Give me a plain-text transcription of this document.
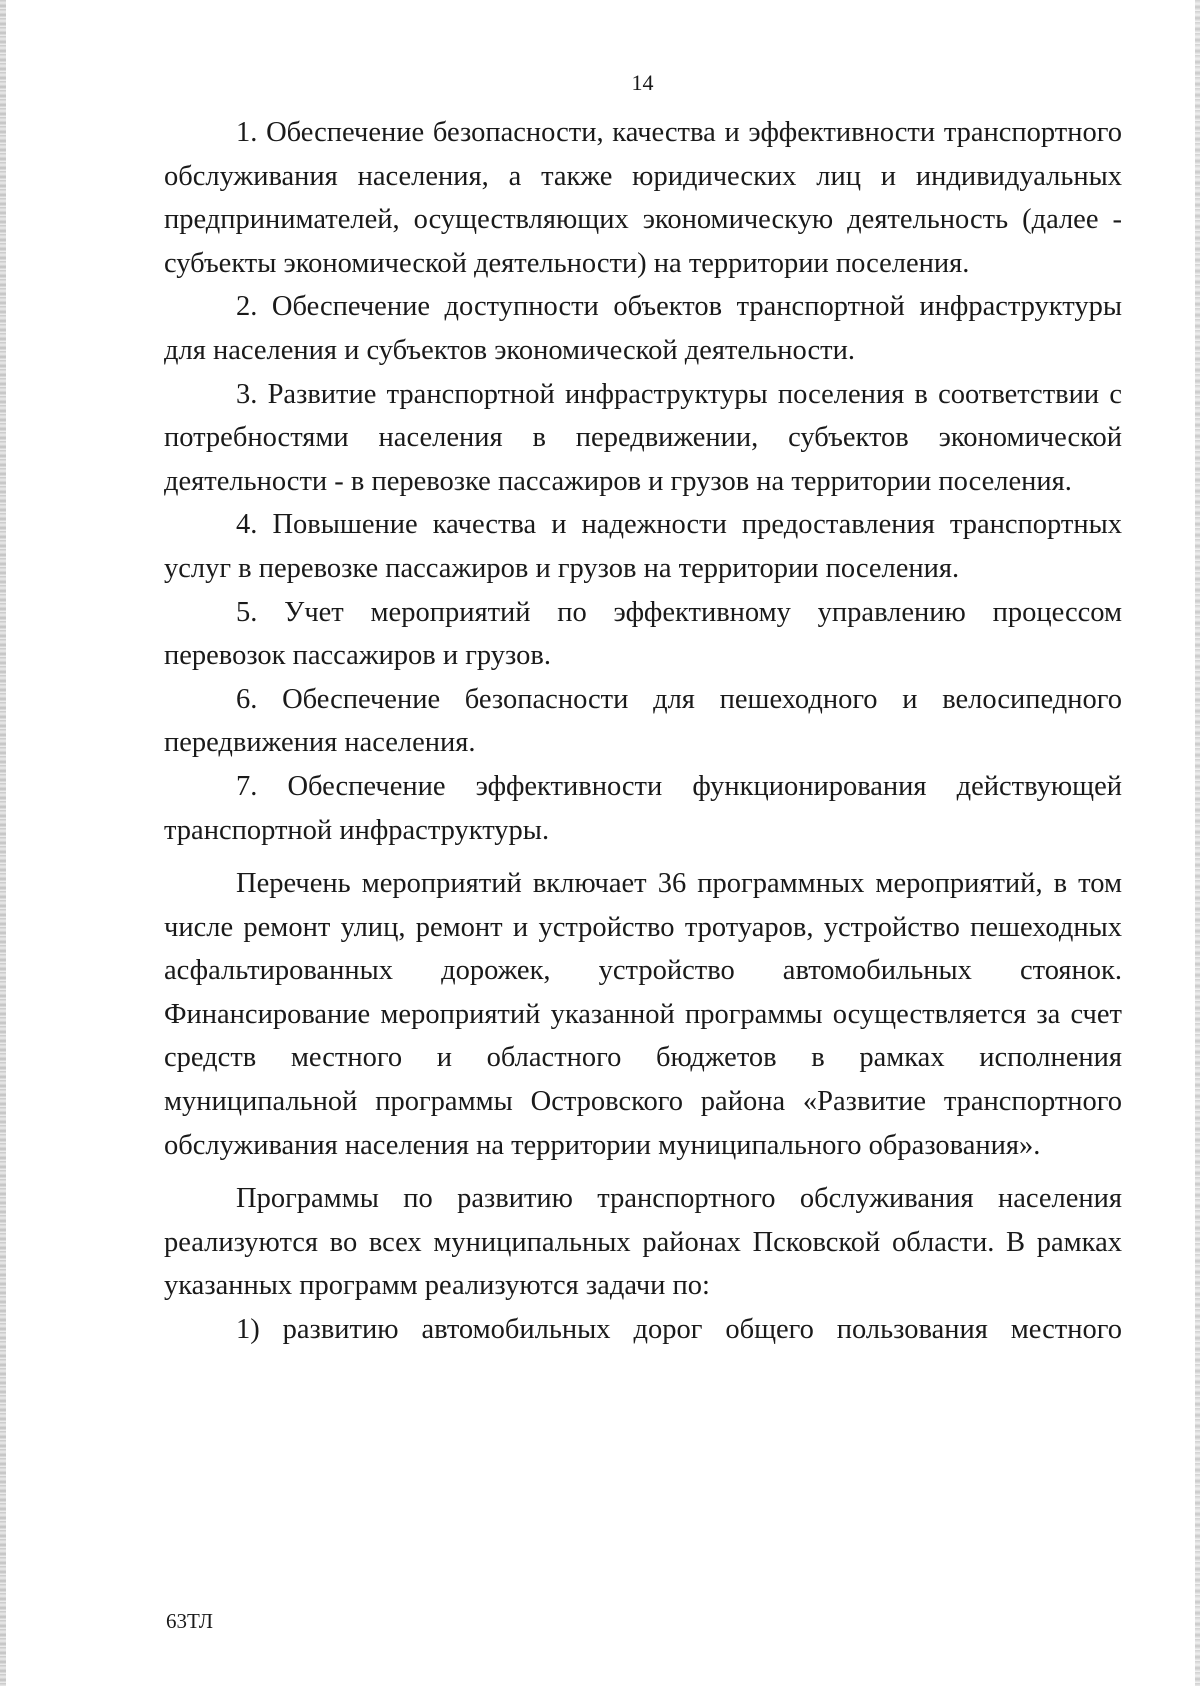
14

1. Обеспечение безопасности, качества и эффективности транспортного обслуживания населения, а также юридических лиц и индивидуальных предпринимателей, осуществляющих экономическую деятельность (далее - субъекты экономической деятельности) на территории поселения.

2. Обеспечение доступности объектов транспортной инфраструктуры для населения и субъектов экономической деятельности.

3. Развитие транспортной инфраструктуры поселения в соответствии с потребностями населения в передвижении, субъектов экономической деятельности - в перевозке пассажиров и грузов на территории поселения.

4. Повышение качества и надежности предоставления транспортных услуг в перевозке пассажиров и грузов на территории поселения.

5. Учет мероприятий по эффективному управлению процессом перевозок пассажиров и грузов.

6. Обеспечение безопасности для пешеходного и велосипедного передвижения населения.

7. Обеспечение эффективности функционирования действующей транспортной инфраструктуры.

Перечень мероприятий включает 36 программных мероприятий, в том числе ремонт улиц, ремонт и устройство тротуаров, устройство пешеходных асфальтированных дорожек, устройство автомобильных стоянок. Финансирование мероприятий указанной программы осуществляется за счет средств местного и областного бюджетов в рамках исполнения муниципальной программы Островского района «Развитие транспортного обслуживания населения на территории муниципального образования».

Программы по развитию транспортного обслуживания населения реализуются во всех муниципальных районах Псковской области. В рамках указанных программ реализуются задачи по:

1) развитию автомобильных дорог общего пользования местного

63ТЛ
